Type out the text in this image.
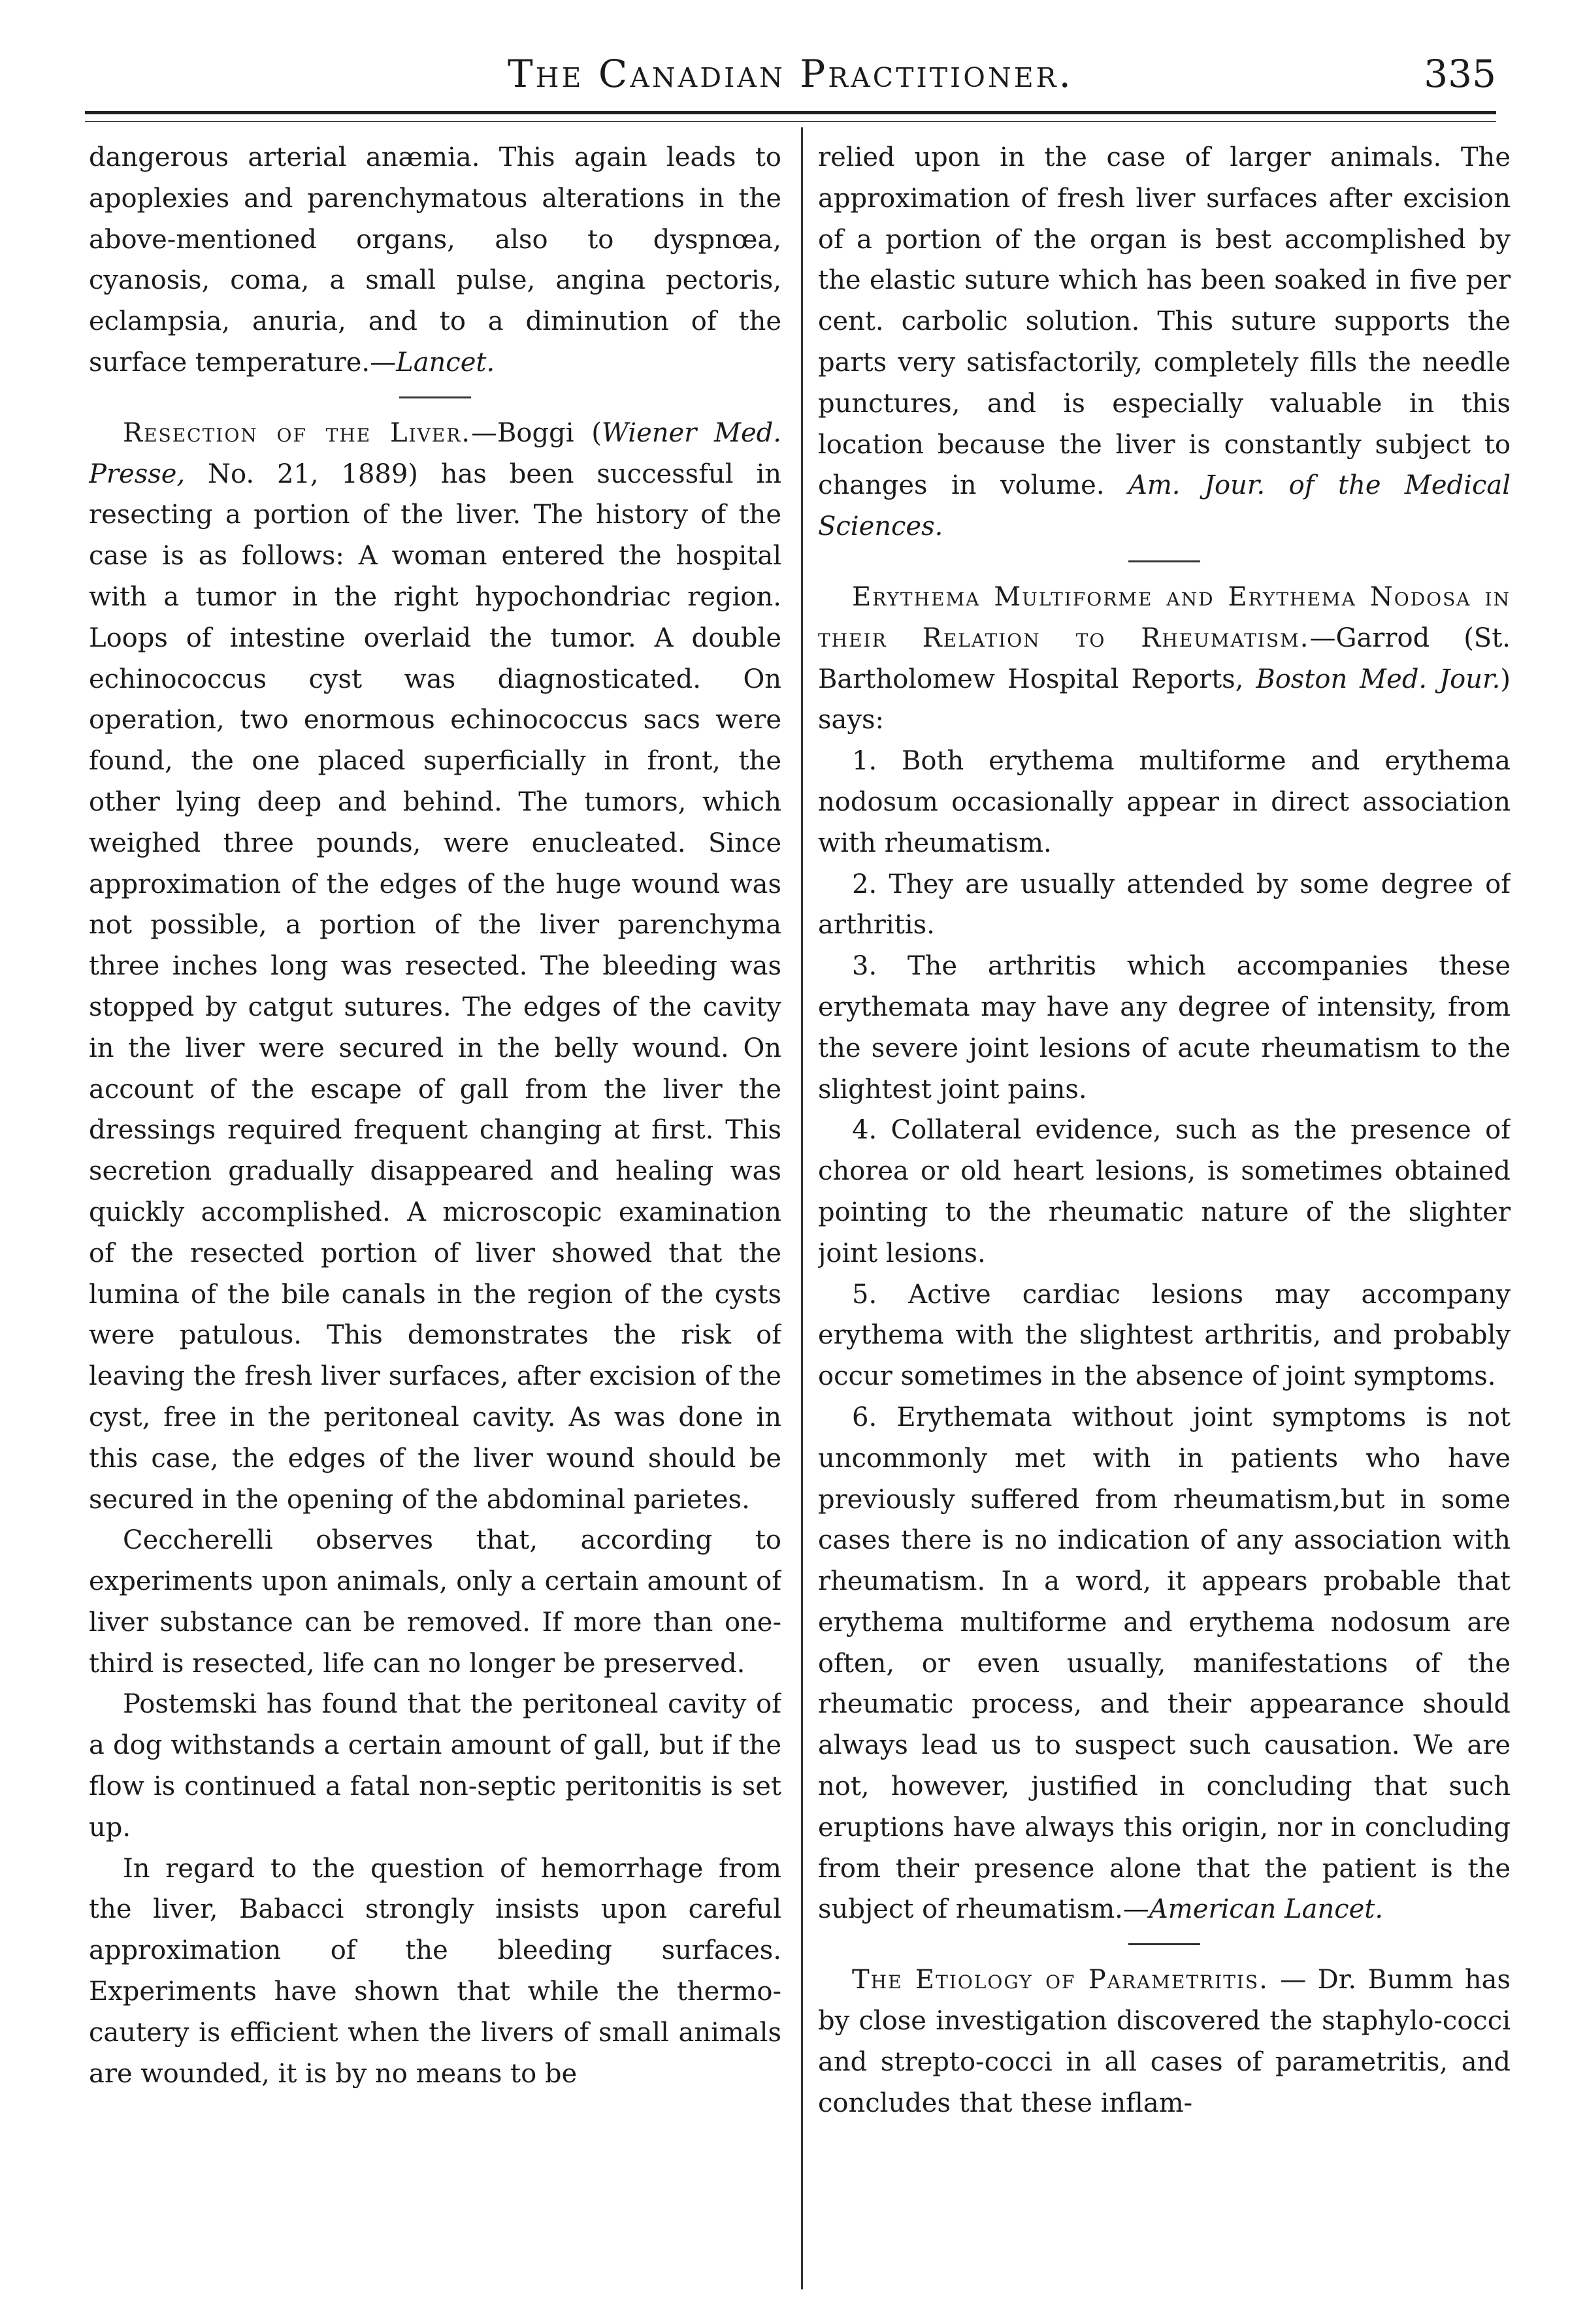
The Canadian Practitioner.	335

dangerous arterial anæmia. This again leads to apoplexies and parenchymatous alterations in the above-mentioned organs, also to dyspnœa, cyanosis, coma, a small pulse, angina pectoris, eclampsia, anuria, and to a diminution of the surface temperature.—Lancet.

Resection of the Liver.—Boggi (Wiener Med. Presse, No. 21, 1889) has been successful in resecting a portion of the liver. The history of the case is as follows: A woman entered the hospital with a tumor in the right hypochondriac region. Loops of intestine overlaid the tumor. A double echinococcus cyst was diagnosticated. On operation, two enormous echinococcus sacs were found, the one placed superficially in front, the other lying deep and behind. The tumors, which weighed three pounds, were enucleated. Since approximation of the edges of the huge wound was not possible, a portion of the liver parenchyma three inches long was resected. The bleeding was stopped by catgut sutures. The edges of the cavity in the liver were secured in the belly wound. On account of the escape of gall from the liver the dressings required frequent changing at first. This secretion gradually disappeared and healing was quickly accomplished. A microscopic examination of the resected portion of liver showed that the lumina of the bile canals in the region of the cysts were patulous. This demonstrates the risk of leaving the fresh liver surfaces, after excision of the cyst, free in the peritoneal cavity. As was done in this case, the edges of the liver wound should be secured in the opening of the abdominal parietes.

Ceccherelli observes that, according to experiments upon animals, only a certain amount of liver substance can be removed. If more than one-third is resected, life can no longer be preserved.

Postemski has found that the peritoneal cavity of a dog withstands a certain amount of gall, but if the flow is continued a fatal non-septic peritonitis is set up.

In regard to the question of hemorrhage from the liver, Babacci strongly insists upon careful approximation of the bleeding surfaces. Experiments have shown that while the thermo-cautery is efficient when the livers of small animals are wounded, it is by no means to be

relied upon in the case of larger animals. The approximation of fresh liver surfaces after excision of a portion of the organ is best accomplished by the elastic suture which has been soaked in five per cent. carbolic solution. This suture supports the parts very satisfactorily, completely fills the needle punctures, and is especially valuable in this location because the liver is constantly subject to changes in volume. Am. Jour. of the Medical Sciences.

Erythema Multiforme and Erythema Nodosa in their Relation to Rheumatism.—Garrod (St. Bartholomew Hospital Reports, Boston Med. Jour.) says:

1. Both erythema multiforme and erythema nodosum occasionally appear in direct association with rheumatism.

2. They are usually attended by some degree of arthritis.

3. The arthritis which accompanies these erythemata may have any degree of intensity, from the severe joint lesions of acute rheumatism to the slightest joint pains.

4. Collateral evidence, such as the presence of chorea or old heart lesions, is sometimes obtained pointing to the rheumatic nature of the slighter joint lesions.

5. Active cardiac lesions may accompany erythema with the slightest arthritis, and probably occur sometimes in the absence of joint symptoms.

6. Erythemata without joint symptoms is not uncommonly met with in patients who have previously suffered from rheumatism,but in some cases there is no indication of any association with rheumatism. In a word, it appears probable that erythema multiforme and erythema nodosum are often, or even usually, manifestations of the rheumatic process, and their appearance should always lead us to suspect such causation. We are not, however, justified in concluding that such eruptions have always this origin, nor in concluding from their presence alone that the patient is the subject of rheumatism.—American Lancet.

The Etiology of Parametritis. — Dr. Bumm has by close investigation discovered the staphylo-cocci and strepto-cocci in all cases of parametritis, and concludes that these inflam-
